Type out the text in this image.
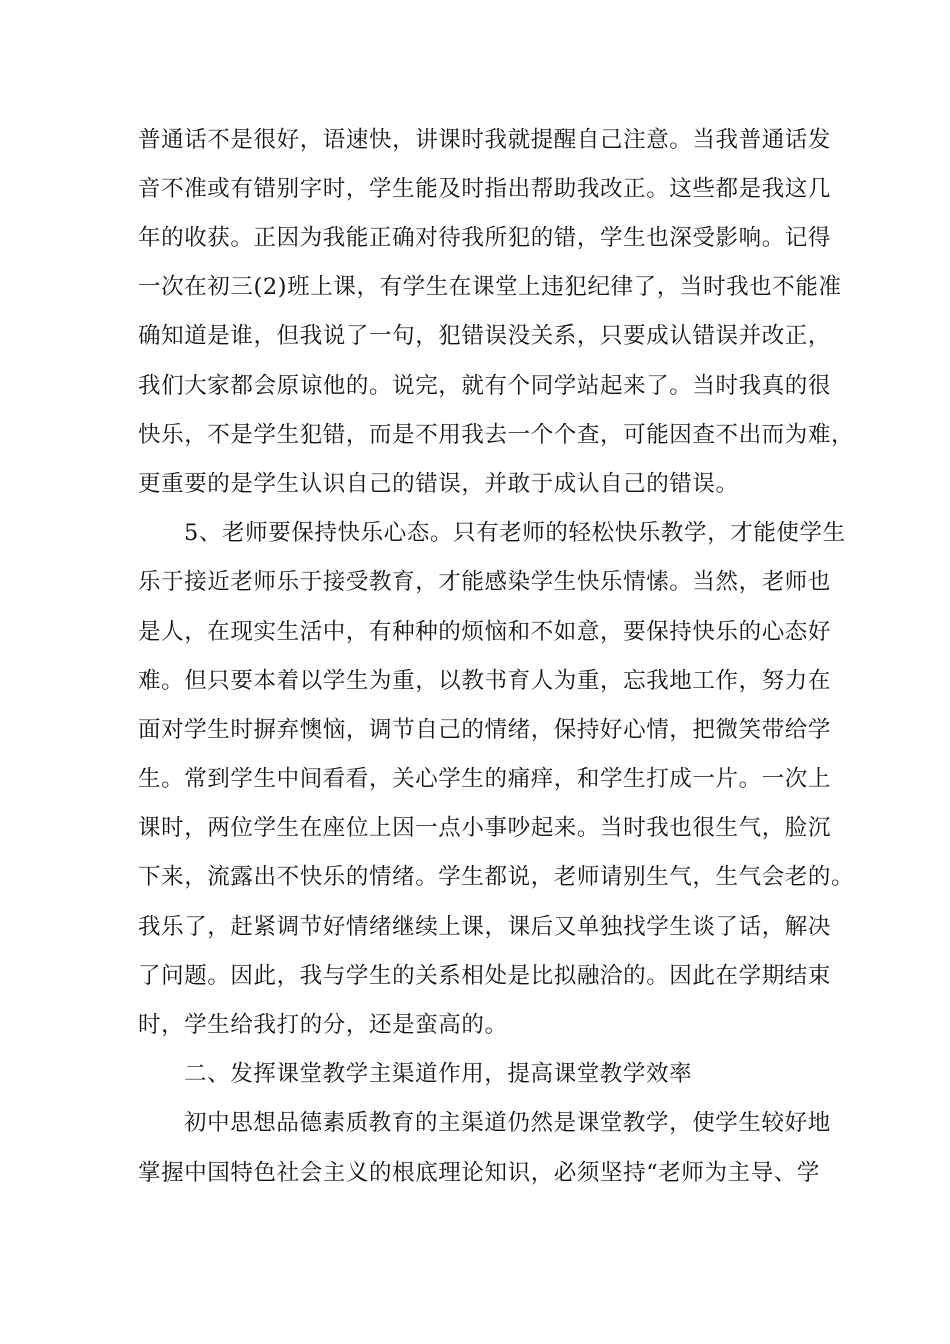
普通话不是很好，语速快，讲课时我就提醒自己注意。当我普通话发
音不准或有错别字时，学生能及时指出帮助我改正。这些都是我这几
年的收获。正因为我能正确对待我所犯的错，学生也深受影响。记得
一次在初三(2)班上课，有学生在课堂上违犯纪律了，当时我也不能准
确知道是谁，但我说了一句，犯错误没关系，只要成认错误并改正，
我们大家都会原谅他的。说完，就有个同学站起来了。当时我真的很
快乐，不是学生犯错，而是不用我去一个个查，可能因查不出而为难，
更重要的是学生认识自己的错误，并敢于成认自己的错误。
5、老师要保持快乐心态。只有老师的轻松快乐教学，才能使学生
乐于接近老师乐于接受教育，才能感染学生快乐情愫。当然，老师也
是人，在现实生活中，有种种的烦恼和不如意，要保持快乐的心态好
难。但只要本着以学生为重，以教书育人为重，忘我地工作，努力在
面对学生时摒弃懊恼，调节自己的情绪，保持好心情，把微笑带给学
生。常到学生中间看看，关心学生的痛痒，和学生打成一片。一次上
课时，两位学生在座位上因一点小事吵起来。当时我也很生气，脸沉
下来，流露出不快乐的情绪。学生都说，老师请别生气，生气会老的。
我乐了，赶紧调节好情绪继续上课，课后又单独找学生谈了话，解决
了问题。因此，我与学生的关系相处是比拟融洽的。因此在学期结束
时，学生给我打的分，还是蛮高的。
二、发挥课堂教学主渠道作用，提高课堂教学效率
初中思想品德素质教育的主渠道仍然是课堂教学，使学生较好地
掌握中国特色社会主义的根底理论知识，必须坚持“老师为主导、学
